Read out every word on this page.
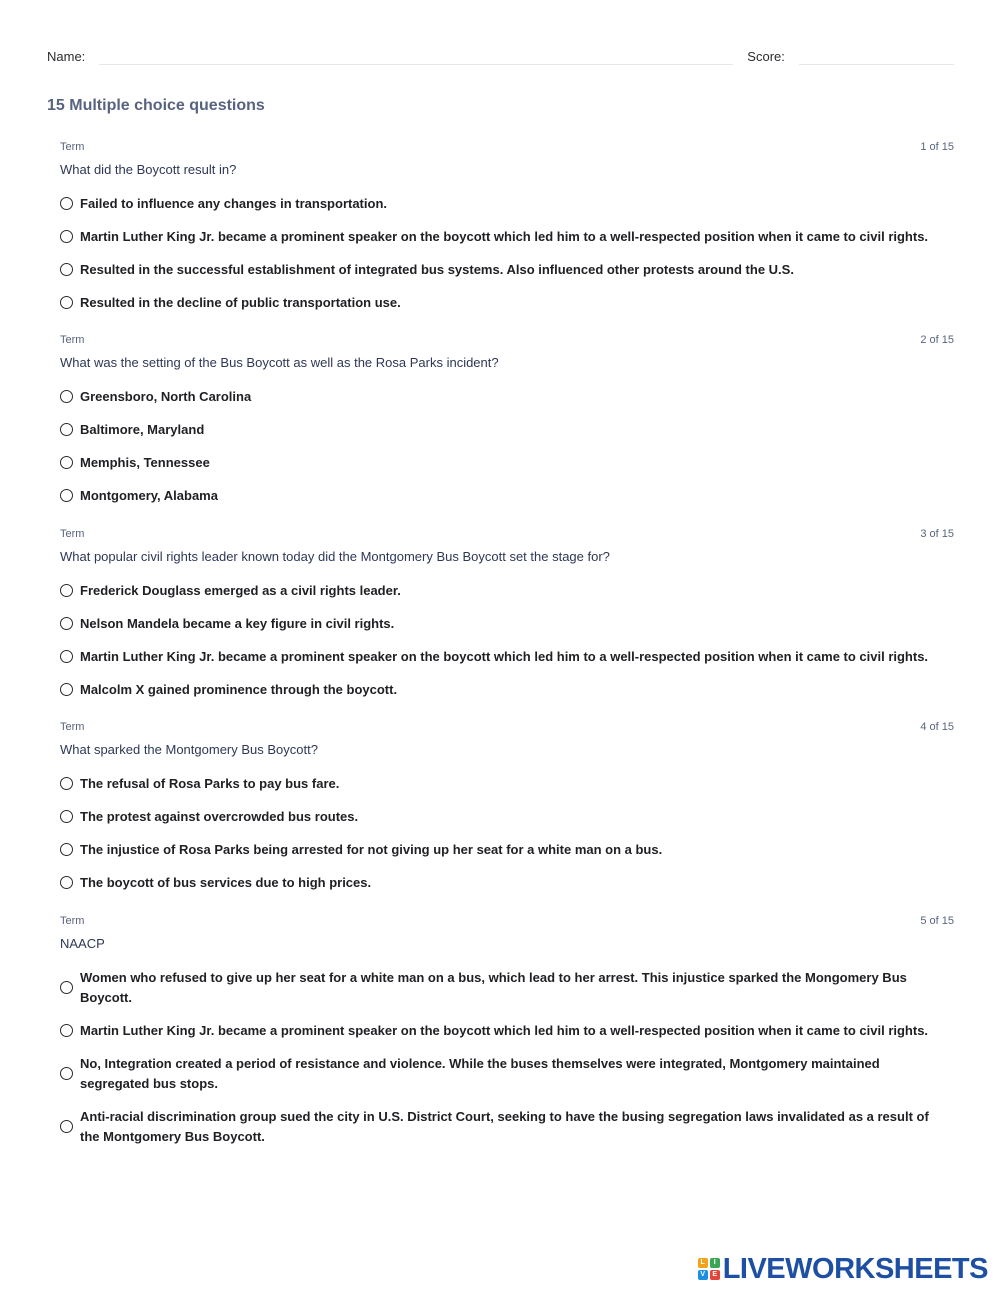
Name:	Score:
15 Multiple choice questions
Term	1 of 15
What did the Boycott result in?
Failed to influence any changes in transportation.
Martin Luther King Jr. became a prominent speaker on the boycott which led him to a well-respected position when it came to civil rights.
Resulted in the successful establishment of integrated bus systems. Also influenced other protests around the U.S.
Resulted in the decline of public transportation use.
Term	2 of 15
What was the setting of the Bus Boycott as well as the Rosa Parks incident?
Greensboro, North Carolina
Baltimore, Maryland
Memphis, Tennessee
Montgomery, Alabama
Term	3 of 15
What popular civil rights leader known today did the Montgomery Bus Boycott set the stage for?
Frederick Douglass emerged as a civil rights leader.
Nelson Mandela became a key figure in civil rights.
Martin Luther King Jr. became a prominent speaker on the boycott which led him to a well-respected position when it came to civil rights.
Malcolm X gained prominence through the boycott.
Term	4 of 15
What sparked the Montgomery Bus Boycott?
The refusal of Rosa Parks to pay bus fare.
The protest against overcrowded bus routes.
The injustice of Rosa Parks being arrested for not giving up her seat for a white man on a bus.
The boycott of bus services due to high prices.
Term	5 of 15
NAACP
Women who refused to give up her seat for a white man on a bus, which lead to her arrest. This injustice sparked the Mongomery Bus Boycott.
Martin Luther King Jr. became a prominent speaker on the boycott which led him to a well-respected position when it came to civil rights.
No, Integration created a period of resistance and violence. While the buses themselves were integrated, Montgomery maintained segregated bus stops.
Anti-racial discrimination group sued the city in U.S. District Court, seeking to have the busing segregation laws invalidated as a result of the Montgomery Bus Boycott.
L	I
V	E LIVEWORKSHEETS
